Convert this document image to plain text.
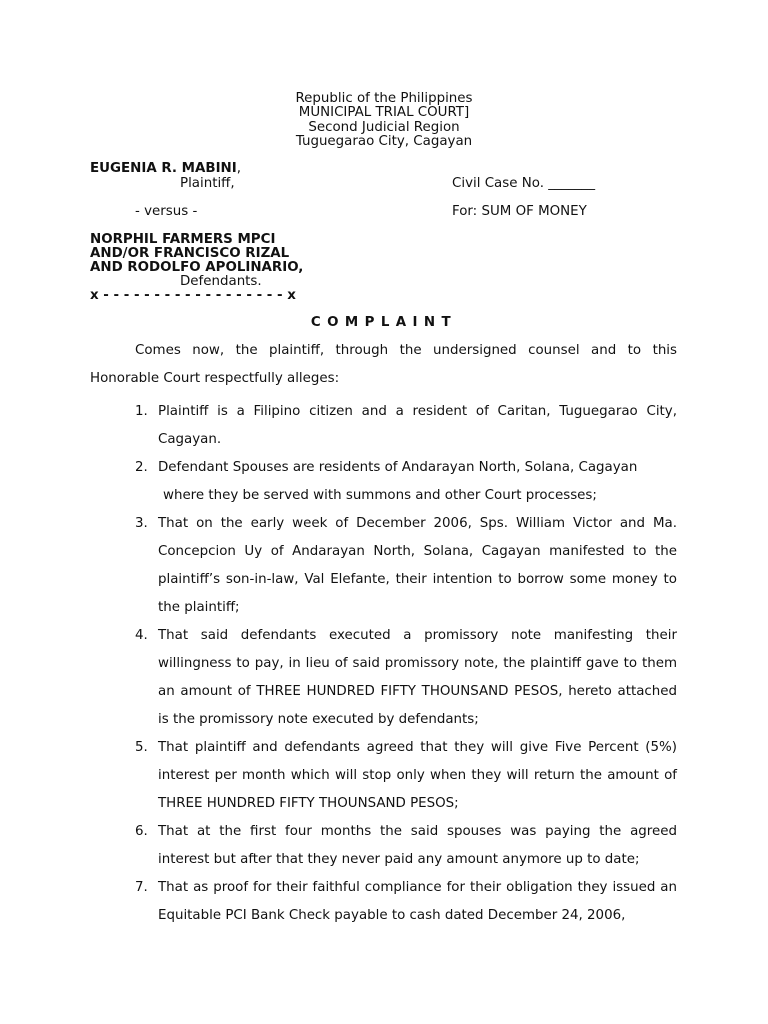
Republic of the Philippines
MUNICIPAL TRIAL COURT]
Second Judicial Region
Tuguegarao City, Cagayan
EUGENIA R. MABINI,
Plaintiff,	Civil Case No. _______
- versus -	For: SUM OF MONEY
NORPHIL FARMERS MPCI
AND/OR FRANCISCO RIZAL
AND RODOLFO APOLINARIO,
Defendants.
x - - - - - - - - - - - - - - - - - - x
COMPLAINT
Comes now, the plaintiff, through the undersigned counsel and to this Honorable Court respectfully alleges:
1. Plaintiff is a Filipino citizen and a resident of Caritan, Tuguegarao City, Cagayan.
2. Defendant Spouses are residents of Andarayan North, Solana, Cagayan
where they be served with summons and other Court processes;
3. That on the early week of December 2006, Sps. William Victor and Ma. Concepcion Uy of Andarayan North, Solana, Cagayan manifested to the plaintiff’s son-in-law, Val Elefante, their intention to borrow some money to the plaintiff;
4. That said defendants executed a promissory note manifesting their willingness to pay, in lieu of said promissory note, the plaintiff gave to them an amount of THREE HUNDRED FIFTY THOUNSAND PESOS, hereto attached is the promissory note executed by defendants;
5. That plaintiff and defendants agreed that they will give Five Percent (5%) interest per month which will stop only when they will return the amount of THREE HUNDRED FIFTY THOUNSAND PESOS;
6. That at the first four months the said spouses was paying the agreed interest but after that they never paid any amount anymore up to date;
7. That as proof for their faithful compliance for their obligation they issued an Equitable PCI Bank Check payable to cash dated December 24, 2006,
